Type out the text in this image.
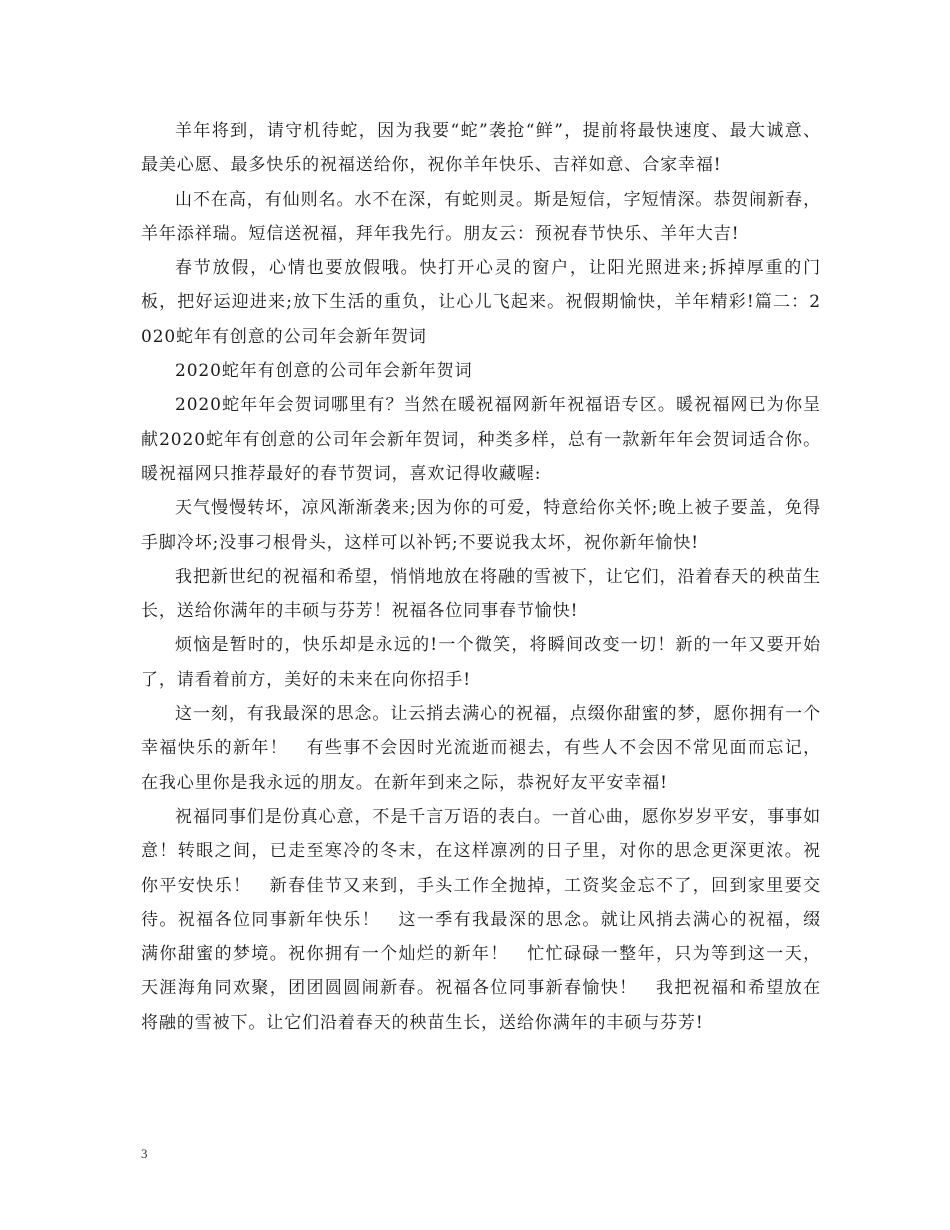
羊年将到，请守机待蛇，因为我要“蛇”袭抢“鲜”，提前将最快速度、最大诚意、最美心愿、最多快乐的祝福送给你，祝你羊年快乐、吉祥如意、合家幸福!

山不在高，有仙则名。水不在深，有蛇则灵。斯是短信，字短情深。恭贺闹新春，羊年添祥瑞。短信送祝福，拜年我先行。朋友云：预祝春节快乐、羊年大吉!

春节放假，心情也要放假哦。快打开心灵的窗户，让阳光照进来;拆掉厚重的门板，把好运迎进来;放下生活的重负，让心儿飞起来。祝假期愉快，羊年精彩!篇二：2020蛇年有创意的公司年会新年贺词

2020蛇年有创意的公司年会新年贺词

2020蛇年年会贺词哪里有？当然在暖祝福网新年祝福语专区。暖祝福网已为你呈献2020蛇年有创意的公司年会新年贺词，种类多样，总有一款新年年会贺词适合你。暖祝福网只推荐最好的春节贺词，喜欢记得收藏喔:

天气慢慢转坏，凉风渐渐袭来;因为你的可爱，特意给你关怀;晚上被子要盖，免得手脚冷坏;没事刁根骨头，这样可以补钙;不要说我太坏，祝你新年愉快!

我把新世纪的祝福和希望，悄悄地放在将融的雪被下，让它们，沿着春天的秧苗生长，送给你满年的丰硕与芬芳！祝福各位同事春节愉快!

烦恼是暂时的，快乐却是永远的!一个微笑，将瞬间改变一切！新的一年又要开始了，请看着前方，美好的未来在向你招手!

这一刻，有我最深的思念。让云捎去满心的祝福，点缀你甜蜜的梦，愿你拥有一个幸福快乐的新年！　有些事不会因时光流逝而褪去，有些人不会因不常见面而忘记，在我心里你是我永远的朋友。在新年到来之际，恭祝好友平安幸福!

祝福同事们是份真心意，不是千言万语的表白。一首心曲，愿你岁岁平安，事事如意！转眼之间，已走至寒冷的冬末，在这样凛冽的日子里，对你的思念更深更浓。祝你平安快乐！　新春佳节又来到，手头工作全抛掉，工资奖金忘不了，回到家里要交待。祝福各位同事新年快乐！　这一季有我最深的思念。就让风捎去满心的祝福，缀满你甜蜜的梦境。祝你拥有一个灿烂的新年！　忙忙碌碌一整年，只为等到这一天，天涯海角同欢聚，团团圆圆闹新春。祝福各位同事新春愉快！　我把祝福和希望放在将融的雪被下。让它们沿着春天的秧苗生长，送给你满年的丰硕与芬芳!

3
